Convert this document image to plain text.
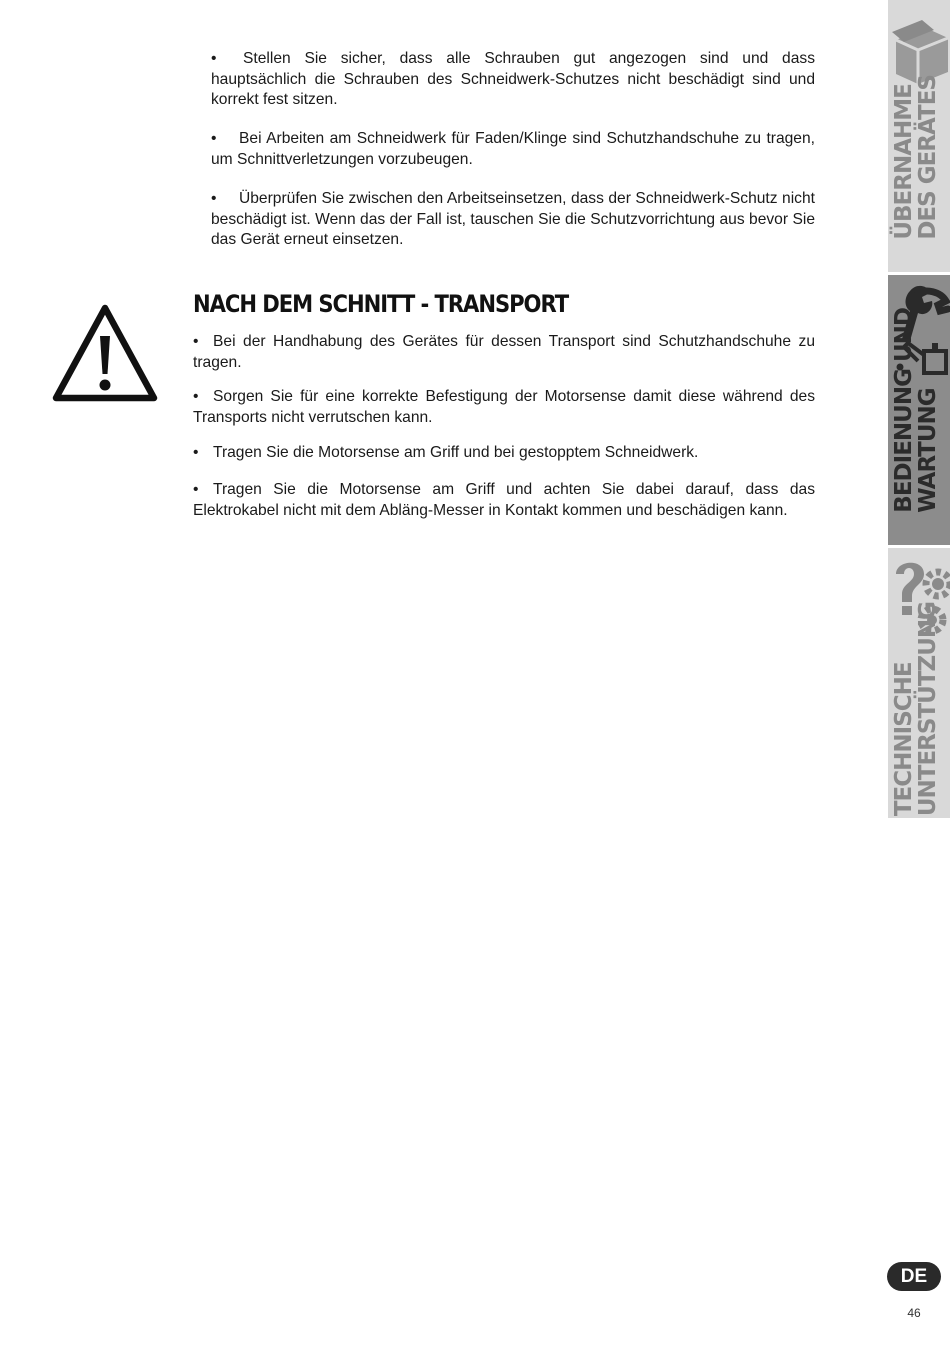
• Stellen Sie sicher, dass alle Schrauben gut angezogen sind und dass hauptsächlich die Schrauben des Schneidwerk-Schutzes nicht beschädigt sind und korrekt fest sitzen.

• Bei Arbeiten am Schneidwerk für Faden/Klinge sind Schutzhandschuhe zu tragen, um Schnittverletzungen vorzubeugen.

• Überprüfen Sie zwischen den Arbeitseinsetzen, dass der Schneidwerk-Schutz nicht beschädigt ist. Wenn das der Fall ist, tauschen Sie die Schutzvorrichtung aus bevor Sie das Gerät erneut einsetzen.

NACH DEM SCHNITT - TRANSPORT

• Bei der Handhabung des Gerätes für dessen Transport sind Schutzhandschuhe zu tragen.

• Sorgen Sie für eine korrekte Befestigung der Motorsense damit diese während des Transports nicht verrutschen kann.

• Tragen Sie die Motorsense am Griff und bei gestopptem Schneidwerk.

• Tragen Sie die Motorsense am Griff und achten Sie dabei darauf, dass das Elektrokabel nicht mit dem Abläng-Messer in Kontakt kommen und beschädigen kann.

ÜBERNAHME
DES GERÄTES
BEDIENUNG UND
WARTUNG
TECHNISCHE
UNTERSTÜTZUNG
DE
46
